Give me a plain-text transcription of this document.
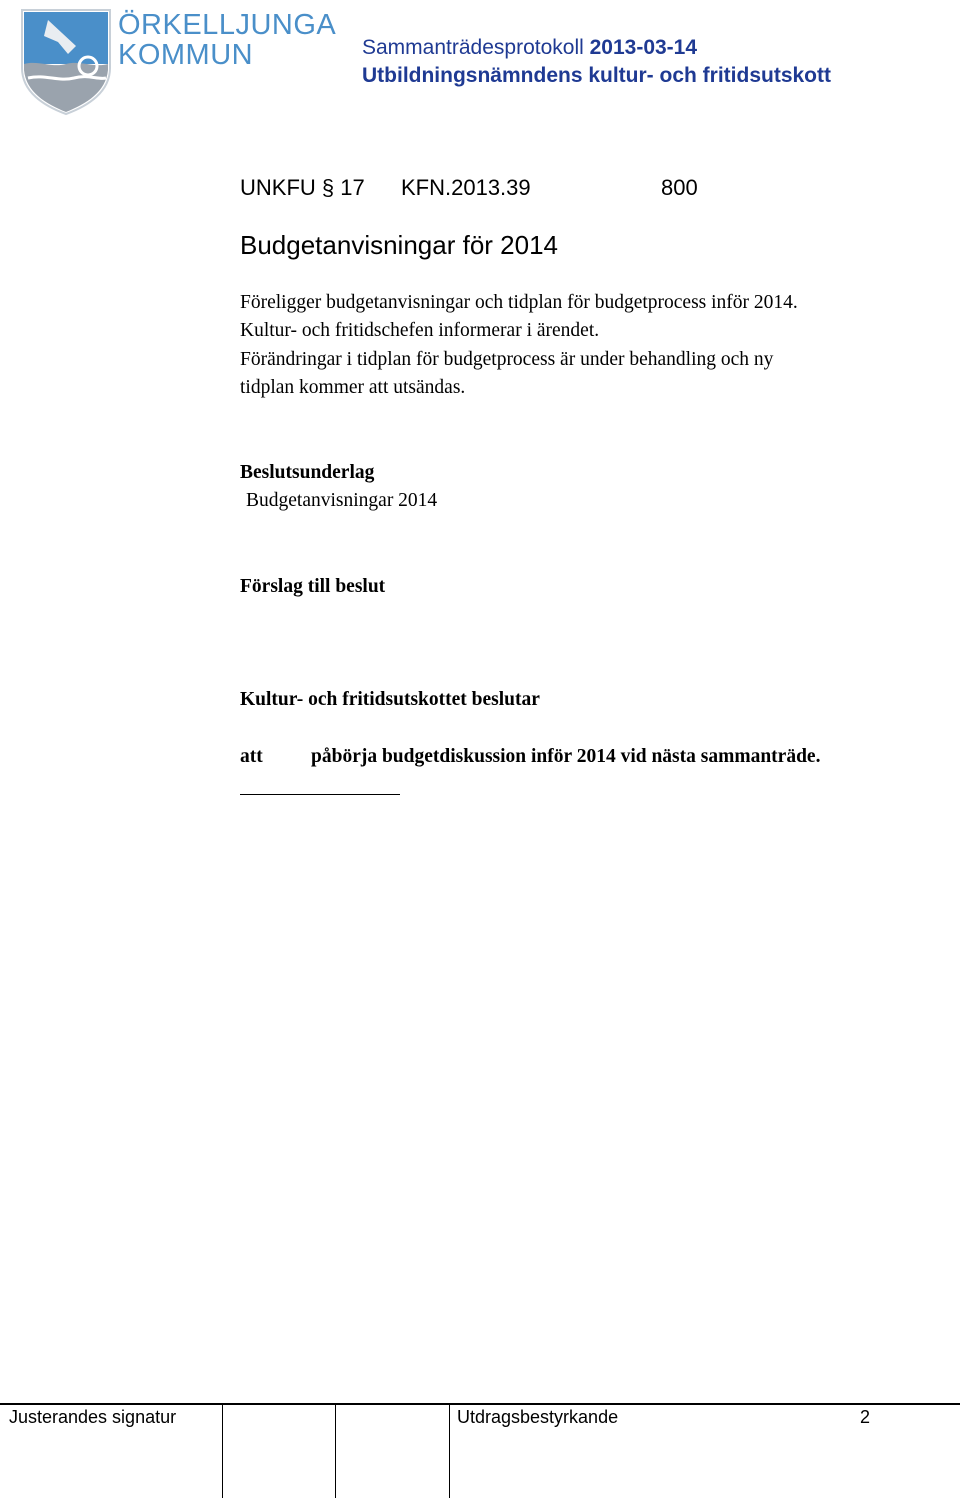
ÖRKELLJUNGA
KOMMUN	Sammanträdesprotokoll 2013-03-14
Utbildningsnämndens kultur- och fritidsutskott
UNKFU § 17 KFN.2013.39	800
Budgetanvisningar för 2014
Föreligger budgetanvisningar och tidplan för budgetprocess inför 2014.
Kultur- och fritidschefen informerar i ärendet.
Förändringar i tidplan för budgetprocess är under behandling och ny
tidplan kommer att utsändas.
Beslutsunderlag
Budgetanvisningar 2014
Förslag till beslut
Kultur- och fritidsutskottet beslutar
att påbörja budgetdiskussion inför 2014 vid nästa sammanträde.
Justerandes signatur	Utdragsbestyrkande	2
